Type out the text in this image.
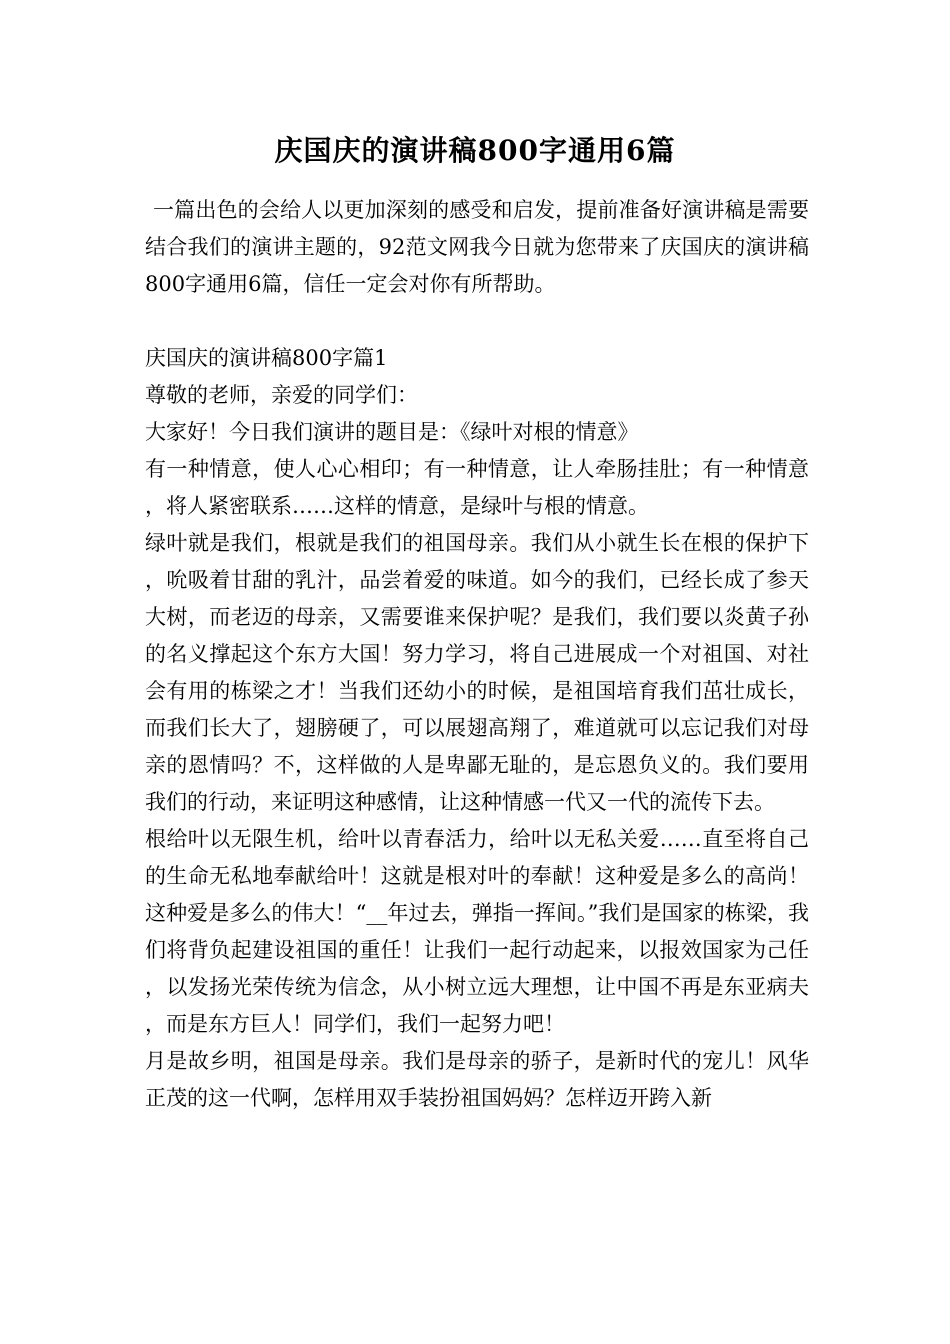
庆国庆的演讲稿800字通用6篇

一篇出色的会给人以更加深刻的感受和启发，提前准备好演讲稿是需要结合我们的演讲主题的，92范文网我今日就为您带来了庆国庆的演讲稿800字通用6篇，信任一定会对你有所帮助。

庆国庆的演讲稿800字篇1

尊敬的老师，亲爱的同学们：

大家好！今日我们演讲的题目是：《绿叶对根的情意》

有一种情意，使人心心相印；有一种情意，让人牵肠挂肚；有一种情意，将人紧密联系……这样的情意，是绿叶与根的情意。

绿叶就是我们，根就是我们的祖国母亲。我们从小就生长在根的保护下，吮吸着甘甜的乳汁，品尝着爱的味道。如今的我们，已经长成了参天大树，而老迈的母亲，又需要谁来保护呢？是我们，我们要以炎黄子孙的名义撑起这个东方大国！努力学习，将自己进展成一个对祖国、对社会有用的栋梁之才！当我们还幼小的时候，是祖国培育我们茁壮成长，而我们长大了，翅膀硬了，可以展翅高翔了，难道就可以忘记我们对母亲的恩情吗？不，这样做的人是卑鄙无耻的，是忘恩负义的。我们要用我们的行动，来证明这种感情，让这种情感一代又一代的流传下去。

根给叶以无限生机，给叶以青春活力，给叶以无私关爱……直至将自己的生命无私地奉献给叶！这就是根对叶的奉献！这种爱是多么的高尚！这种爱是多么的伟大！“__年过去，弹指一挥间。”我们是国家的栋梁，我们将背负起建设祖国的重任！让我们一起行动起来，以报效国家为己任，以发扬光荣传统为信念，从小树立远大理想，让中国不再是东亚病夫，而是东方巨人！同学们，我们一起努力吧！

月是故乡明，祖国是母亲。我们是母亲的骄子，是新时代的宠儿！风华正茂的这一代啊，怎样用双手装扮祖国妈妈？怎样迈开跨入新
